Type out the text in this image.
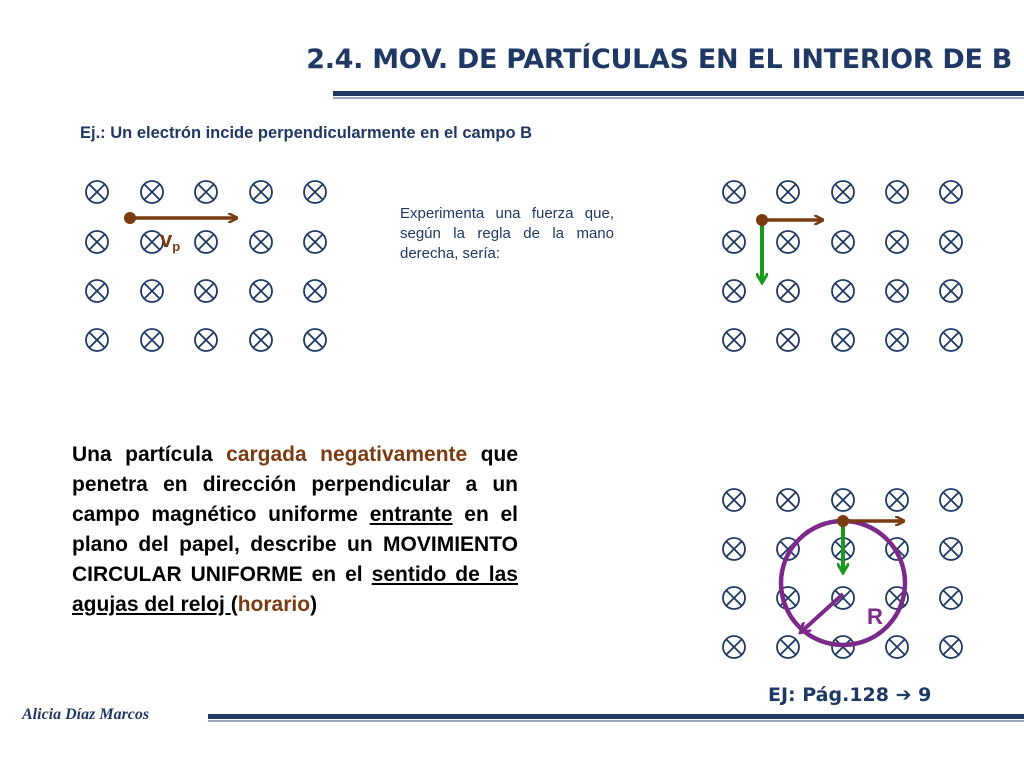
2.4. MOV. DE PARTÍCULAS EN EL INTERIOR DE B
Ej.: Un electrón incide perpendicularmente en el campo B
Experimenta una fuerza que, según la regla de la mano derecha, sería:
vp
R
Una partícula cargada negativamente que penetra en dirección perpendicular a un campo magnético uniforme entrante en el plano del papel, describe un MOVIMIENTO CIRCULAR UNIFORME en el sentido de las agujas del reloj (horario)
EJ: Pág.128 ➔ 9
Alicia Díaz Marcos
